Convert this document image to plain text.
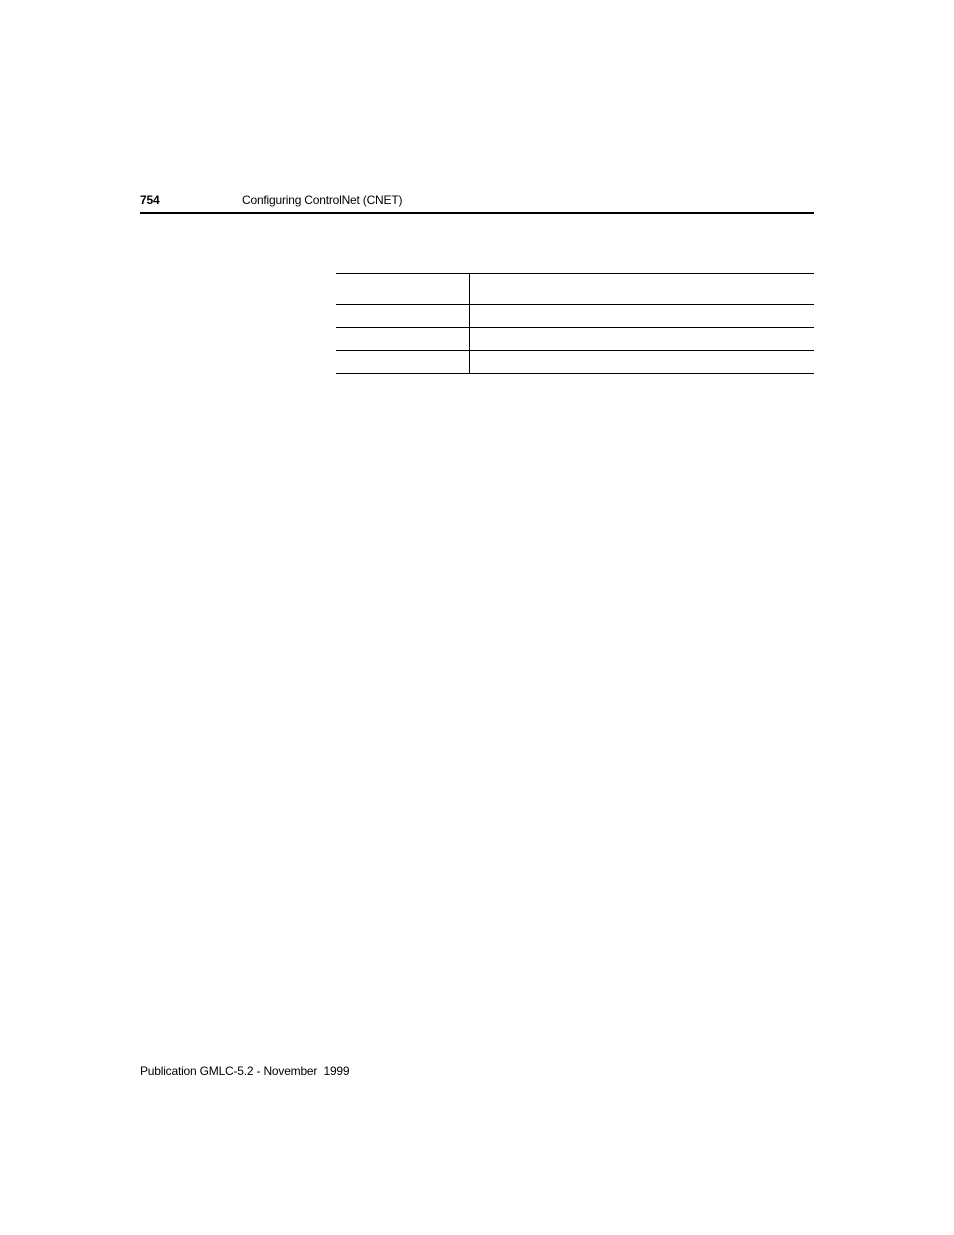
754	Configuring ControlNet (CNET)

Publication GMLC-5.2 - November  1999
